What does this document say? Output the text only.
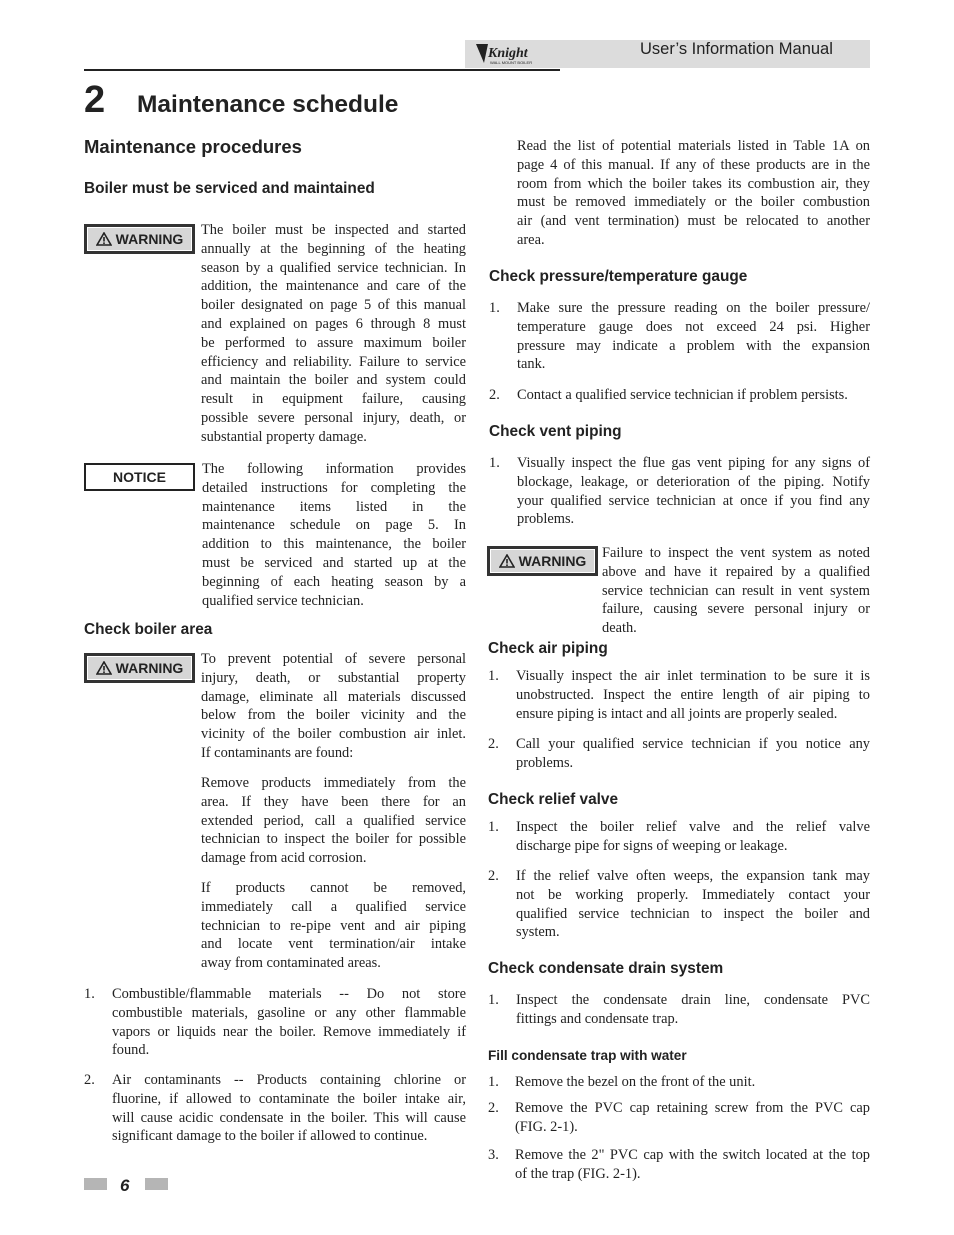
Knight
WALL MOUNT BOILER
User’s Information Manual
2 Maintenance schedule
Maintenance procedures
Boiler must be serviced and maintained
WARNING
The boiler must be inspected and started
annually at the beginning of the heating
season by a qualified service technician. In
addition, the maintenance and care of the
boiler designated on page 5 of this manual
and explained on pages 6 through 8 must
be performed to assure maximum boiler
efficiency and reliability. Failure to service
and maintain the boiler and system could
result in equipment failure, causing
possible severe personal injury, death, or
substantial property damage.
NOTICE	The following information provides
detailed instructions for completing the
maintenance items listed in the
maintenance schedule on page 5. In
addition to this maintenance, the boiler
must be serviced and started up at the
beginning of each heating season by a
qualified service technician.
Check boiler area
WARNING
To prevent potential of severe personal
injury, death, or substantial property
damage, eliminate all materials discussed
below from the boiler vicinity and the
vicinity of the boiler combustion air inlet.
If contaminants are found:
Remove products immediately from the
area. If they have been there for an
extended period, call a qualified service
technician to inspect the boiler for possible
damage from acid corrosion.
If products cannot be removed,
immediately call a qualified service
technician to re-pipe vent and air piping
and locate vent termination/air intake
away from contaminated areas.
1. Combustible/flammable materials -- Do not store
combustible materials, gasoline or any other flammable
vapors or liquids near the boiler. Remove immediately if
found.
2. Air contaminants -- Products containing chlorine or
fluorine, if allowed to contaminate the boiler intake air,
will cause acidic condensate in the boiler. This will cause
significant damage to the boiler if allowed to continue.
Read the list of potential materials listed in Table 1A on
page 4 of this manual. If any of these products are in the
room from which the boiler takes its combustion air, they
must be removed immediately or the boiler combustion
air (and vent termination) must be relocated to another
area.
Check pressure/temperature gauge
1. Make sure the pressure reading on the boiler pressure/
temperature gauge does not exceed 24 psi. Higher
pressure may indicate a problem with the expansion
tank.
2. Contact a qualified service technician if problem persists.
Check vent piping
1. Visually inspect the flue gas vent piping for any signs of
blockage, leakage, or deterioration of the piping. Notify
your qualified service technician at once if you find any
problems.
WARNING Failure to inspect the vent system as noted
above and have it repaired by a qualified
service technician can result in vent system
failure, causing severe personal injury or
death.
Check air piping
1. Visually inspect the air inlet termination to be sure it is
unobstructed. Inspect the entire length of air piping to
ensure piping is intact and all joints are properly sealed.
2. Call your qualified service technician if you notice any
problems.
Check relief valve
1. Inspect the boiler relief valve and the relief valve
discharge pipe for signs of weeping or leakage.
2. If the relief valve often weeps, the expansion tank may
not be working properly. Immediately contact your
qualified service technician to inspect the boiler and
system.
Check condensate drain system
1. Inspect the condensate drain line, condensate PVC
fittings and condensate trap.
Fill condensate trap with water
1. Remove the bezel on the front of the unit.
2. Remove the PVC cap retaining screw from the PVC cap
(FIG. 2-1).
3. Remove the 2" PVC cap with the switch located at the top
of the trap (FIG. 2-1).
6
